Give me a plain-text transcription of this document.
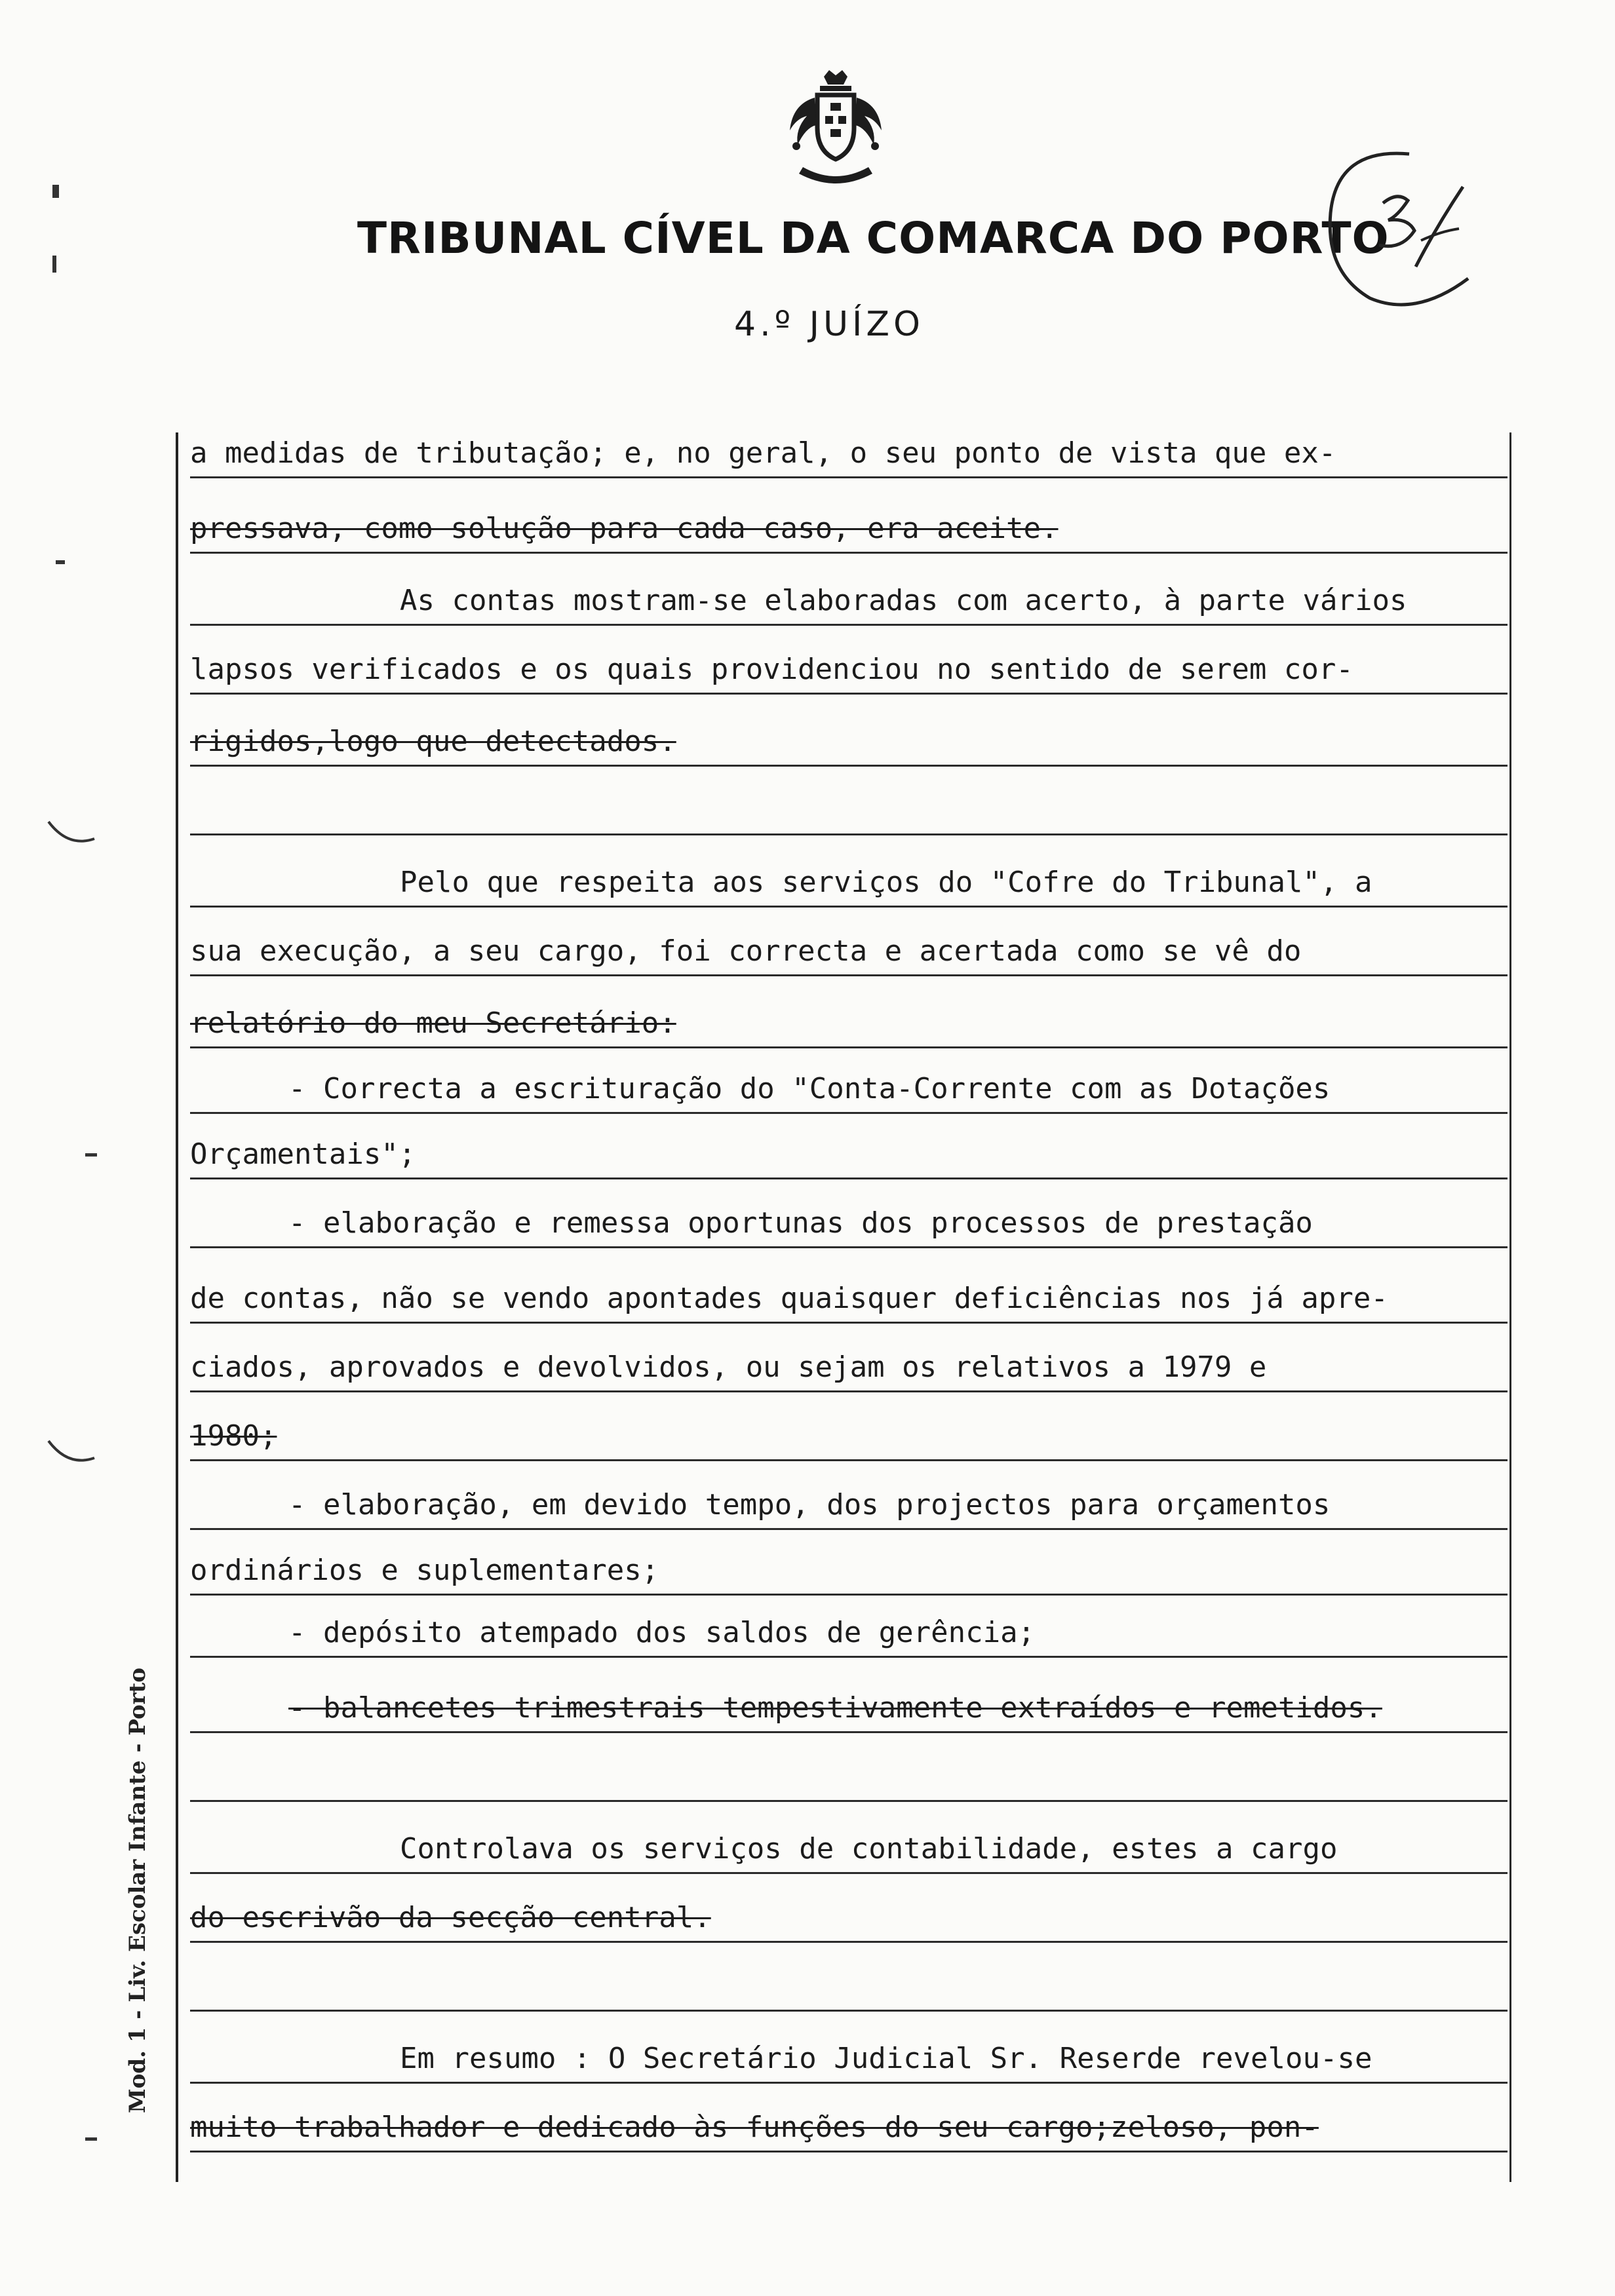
TRIBUNAL CÍVEL DA COMARCA DO PORTO
4.º JUÍZO	3 /
a medidas de tributação; e, no geral, o seu ponto de vista que ex-
pressava, como solução para cada caso, era aceite.
As contas mostram-se elaboradas com acerto, à parte vários
lapsos verificados e os quais providenciou no sentido de serem cor-
rigidos,logo que detectados.
Pelo que respeita aos serviços do "Cofre do Tribunal", a
sua execução, a seu cargo, foi correcta e acertada como se vê do
relatório do meu Secretário:
- Correcta a escrituração do "Conta-Corrente com as Dotações
Orçamentais";
- elaboração e remessa oportunas dos processos de prestação
de contas, não se vendo apontades quaisquer deficiências nos já apre-
ciados, aprovados e devolvidos, ou sejam os relativos a 1979 e
1980;
- elaboração, em devido tempo, dos projectos para orçamentos
ordinários e suplementares;
- depósito atempado dos saldos de gerência;
- balancetes trimestrais tempestivamente extraídos e remetidos.
Controlava os serviços de contabilidade, estes a cargo
do escrivão da secção central.
Em resumo : O Secretário Judicial Sr. Reserde revelou-se
muito trabalhador e dedicado às funções do seu cargo;zeloso, pon-
Mod. 1 - Liv. Escolar Infante - Porto
